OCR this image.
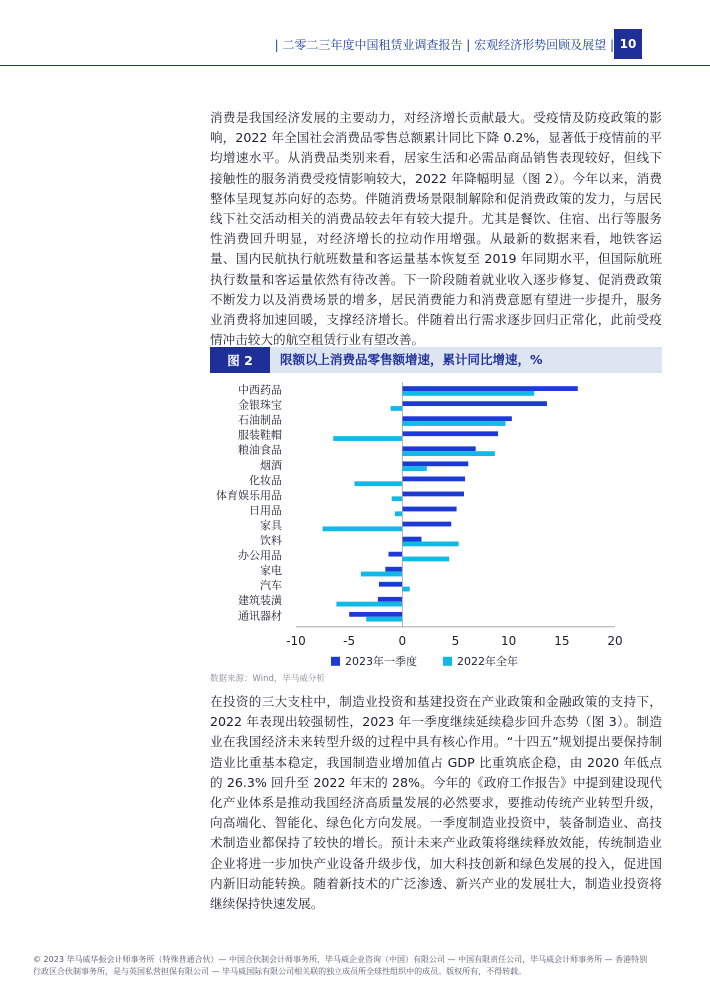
| 二零二三年度中国租赁业调查报告 | 宏观经济形势回顾及展望 | 10

消费是我国经济发展的主要动力，对经济增长贡献最大。受疫情及防疫政策的影响，2022 年全国社会消费品零售总额累计同比下降 0.2%，显著低于疫情前的平均增速水平。从消费品类别来看，居家生活和必需品商品销售表现较好，但线下接触性的服务消费受疫情影响较大，2022 年降幅明显（图 2）。今年以来，消费整体呈现复苏向好的态势。伴随消费场景限制解除和促消费政策的发力，与居民线下社交活动相关的消费品较去年有较大提升。尤其是餐饮、住宿、出行等服务性消费回升明显，对经济增长的拉动作用增强。从最新的数据来看，地铁客运量、国内民航执行航班数量和客运量基本恢复至 2019 年同期水平，但国际航班执行数量和客运量依然有待改善。下一阶段随着就业收入逐步修复、促消费政策不断发力以及消费场景的增多，居民消费能力和消费意愿有望进一步提升，服务业消费将加速回暖，支撑经济增长。伴随着出行需求逐步回归正常化，此前受疫情冲击较大的航空租赁行业有望改善。

图 2	限额以上消费品零售额增速，累计同比增速，%
中西药品
金银珠宝
石油制品
服装鞋帽
粮油食品
烟酒
化妆品
体育娱乐用品
日用品
家具
饮料
办公用品
家电
汽车
建筑装潢
通讯器材
-10	-5	0	5	10	15	20
2023年一季度	2022年全年
数据来源：Wind，毕马威分析

在投资的三大支柱中，制造业投资和基建投资在产业政策和金融政策的支持下，2022 年表现出较强韧性，2023 年一季度继续延续稳步回升态势（图 3）。制造业在我国经济未来转型升级的过程中具有核心作用。“十四五”规划提出要保持制造业比重基本稳定，我国制造业增加值占 GDP 比重筑底企稳，由 2020 年低点的 26.3% 回升至 2022 年末的 28%。今年的《政府工作报告》中提到建设现代化产业体系是推动我国经济高质量发展的必然要求，要推动传统产业转型升级，向高端化、智能化、绿色化方向发展。一季度制造业投资中，装备制造业、高技术制造业都保持了较快的增长。预计未来产业政策将继续释放效能，传统制造业企业将进一步加快产业设备升级步伐，加大科技创新和绿色发展的投入，促进国内新旧动能转换。随着新技术的广泛渗透、新兴产业的发展壮大，制造业投资将继续保持快速发展。

© 2023 毕马威华振会计师事务所（特殊普通合伙）— 中国合伙制会计师事务所，毕马威企业咨询（中国）有限公司 — 中国有限责任公司，毕马威会计师事务所 — 香港特别
行政区合伙制事务所，是与英国私营担保有限公司 — 毕马威国际有限公司相关联的独立成员所全球性组织中的成员。版权所有，不得转载。
